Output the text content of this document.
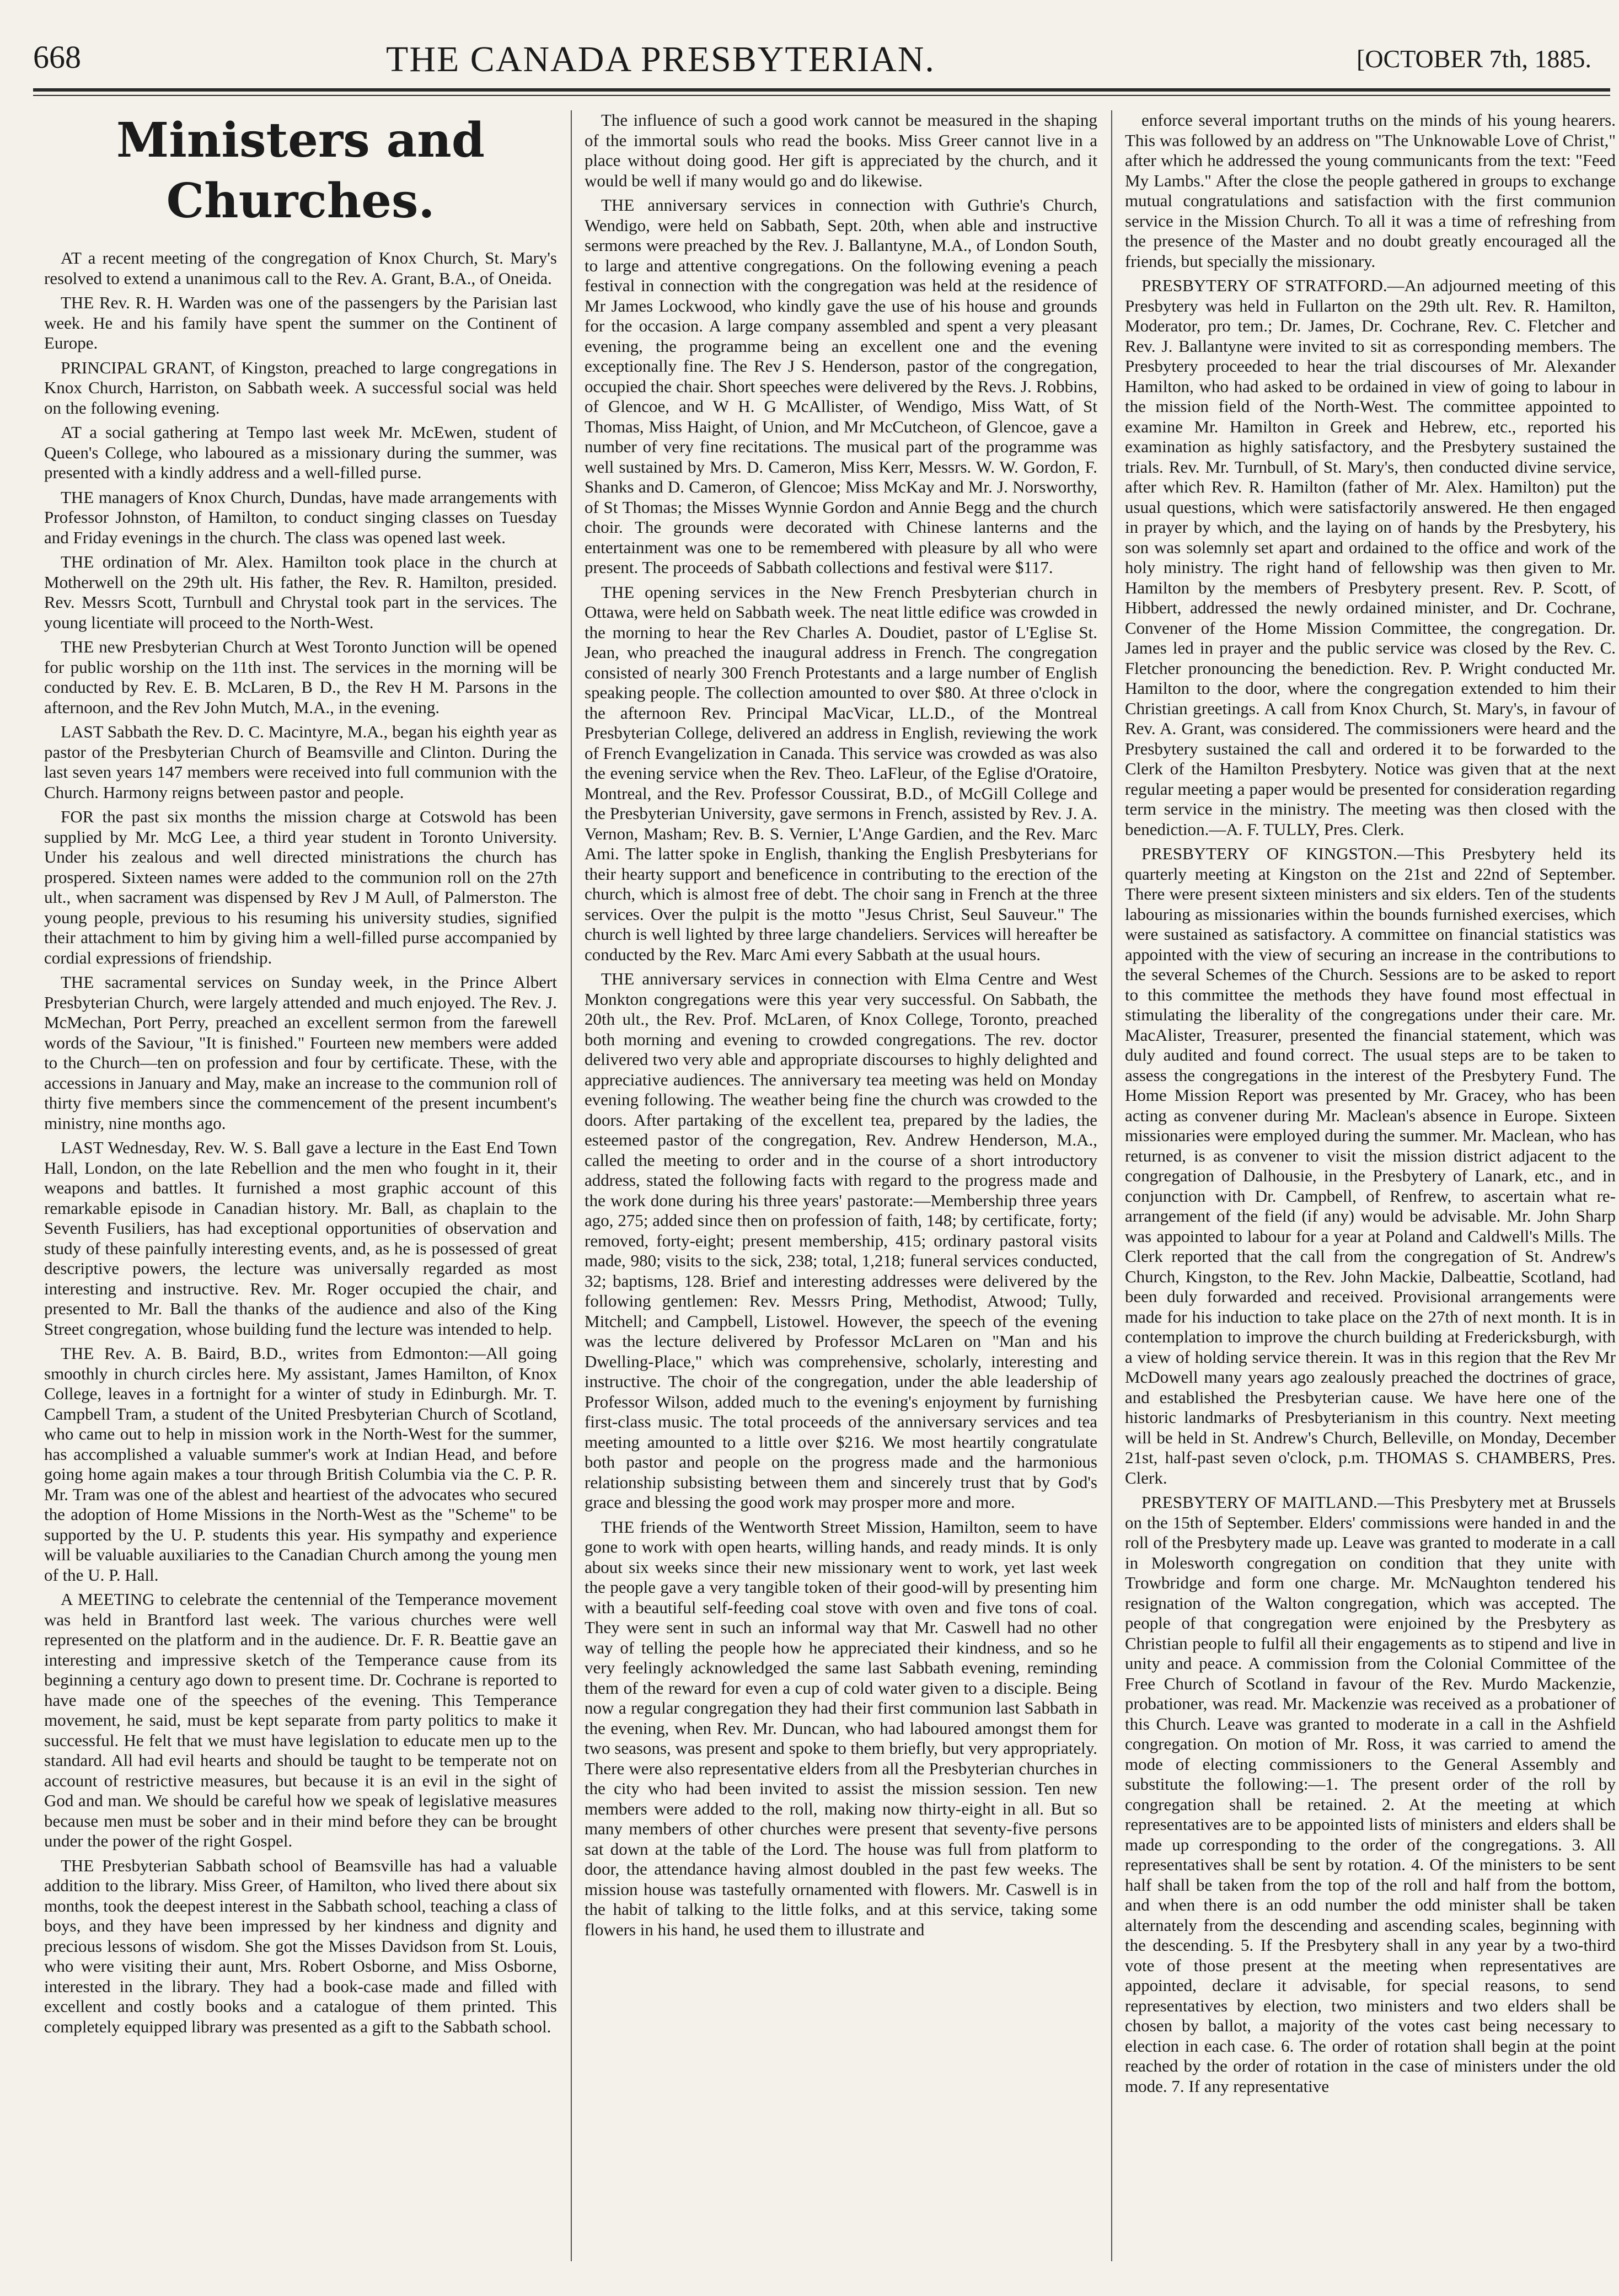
668	THE CANADA PRESBYTERIAN.	[OCTOBER 7th, 1885.
Ministers and Churches.

AT a recent meeting of the congregation of Knox Church, St. Mary's resolved to extend a unanimous call to the Rev. A. Grant, B.A., of Oneida.

THE Rev. R. H. Warden was one of the passengers by the Parisian last week. He and his family have spent the summer on the Continent of Europe.

PRINCIPAL GRANT, of Kingston, preached to large congregations in Knox Church, Harriston, on Sabbath week. A successful social was held on the following evening.

AT a social gathering at Tempo last week Mr. McEwen, student of Queen's College, who laboured as a missionary during the summer, was presented with a kindly address and a well-filled purse.

THE managers of Knox Church, Dundas, have made arrangements with Professor Johnston, of Hamilton, to conduct singing classes on Tuesday and Friday evenings in the church. The class was opened last week.

THE ordination of Mr. Alex. Hamilton took place in the church at Motherwell on the 29th ult. His father, the Rev. R. Hamilton, presided. Rev. Messrs Scott, Turnbull and Chrystal took part in the services. The young licentiate will proceed to the North-West.

THE new Presbyterian Church at West Toronto Junction will be opened for public worship on the 11th inst. The services in the morning will be conducted by Rev. E. B. McLaren, B D., the Rev H M. Parsons in the afternoon, and the Rev John Mutch, M.A., in the evening.

LAST Sabbath the Rev. D. C. Macintyre, M.A., began his eighth year as pastor of the Presbyterian Church of Beamsville and Clinton. During the last seven years 147 members were received into full communion with the Church. Harmony reigns between pastor and people.

FOR the past six months the mission charge at Cotswold has been supplied by Mr. McG Lee, a third year student in Toronto University. Under his zealous and well directed ministrations the church has prospered. Sixteen names were added to the communion roll on the 27th ult., when sacrament was dispensed by Rev J M Aull, of Palmerston. The young people, previous to his resuming his university studies, signified their attachment to him by giving him a well-filled purse accompanied by cordial expressions of friendship.

THE sacramental services on Sunday week, in the Prince Albert Presbyterian Church, were largely attended and much enjoyed. The Rev. J. McMechan, Port Perry, preached an excellent sermon from the farewell words of the Saviour, "It is finished." Fourteen new members were added to the Church—ten on profession and four by certificate. These, with the accessions in January and May, make an increase to the communion roll of thirty five members since the commencement of the present incumbent's ministry, nine months ago.

LAST Wednesday, Rev. W. S. Ball gave a lecture in the East End Town Hall, London, on the late Rebellion and the men who fought in it, their weapons and battles. It furnished a most graphic account of this remarkable episode in Canadian history. Mr. Ball, as chaplain to the Seventh Fusiliers, has had exceptional opportunities of observation and study of these painfully interesting events, and, as he is possessed of great descriptive powers, the lecture was universally regarded as most interesting and instructive. Rev. Mr. Roger occupied the chair, and presented to Mr. Ball the thanks of the audience and also of the King Street congregation, whose building fund the lecture was intended to help.

THE Rev. A. B. Baird, B.D., writes from Edmonton:—All going smoothly in church circles here. My assistant, James Hamilton, of Knox College, leaves in a fortnight for a winter of study in Edinburgh. Mr. T. Campbell Tram, a student of the United Presbyterian Church of Scotland, who came out to help in mission work in the North-West for the summer, has accomplished a valuable summer's work at Indian Head, and before going home again makes a tour through British Columbia via the C. P. R. Mr. Tram was one of the ablest and heartiest of the advocates who secured the adoption of Home Missions in the North-West as the "Scheme" to be supported by the U. P. students this year. His sympathy and experience will be valuable auxiliaries to the Canadian Church among the young men of the U. P. Hall.

A MEETING to celebrate the centennial of the Temperance movement was held in Brantford last week. The various churches were well represented on the platform and in the audience. Dr. F. R. Beattie gave an interesting and impressive sketch of the Temperance cause from its beginning a century ago down to present time. Dr. Cochrane is reported to have made one of the speeches of the evening. This Temperance movement, he said, must be kept separate from party politics to make it successful. He felt that we must have legislation to educate men up to the standard. All had evil hearts and should be taught to be temperate not on account of restrictive measures, but because it is an evil in the sight of God and man. We should be careful how we speak of legislative measures because men must be sober and in their mind before they can be brought under the power of the right Gospel.

THE Presbyterian Sabbath school of Beamsville has had a valuable addition to the library. Miss Greer, of Hamilton, who lived there about six months, took the deepest interest in the Sabbath school, teaching a class of boys, and they have been impressed by her kindness and dignity and precious lessons of wisdom. She got the Misses Davidson from St. Louis, who were visiting their aunt, Mrs. Robert Osborne, and Miss Osborne, interested in the library. They had a book-case made and filled with excellent and costly books and a catalogue of them printed. This completely equipped library was presented as a gift to the Sabbath school.

The influence of such a good work cannot be measured in the shaping of the immortal souls who read the books. Miss Greer cannot live in a place without doing good. Her gift is appreciated by the church, and it would be well if many would go and do likewise.

THE anniversary services in connection with Guthrie's Church, Wendigo, were held on Sabbath, Sept. 20th, when able and instructive sermons were preached by the Rev. J. Ballantyne, M.A., of London South, to large and attentive congregations. On the following evening a peach festival in connection with the congregation was held at the residence of Mr James Lockwood, who kindly gave the use of his house and grounds for the occasion. A large company assembled and spent a very pleasant evening, the programme being an excellent one and the evening exceptionally fine. The Rev J S. Henderson, pastor of the congregation, occupied the chair. Short speeches were delivered by the Revs. J. Robbins, of Glencoe, and W H. G McAllister, of Wendigo, Miss Watt, of St Thomas, Miss Haight, of Union, and Mr McCutcheon, of Glencoe, gave a number of very fine recitations. The musical part of the programme was well sustained by Mrs. D. Cameron, Miss Kerr, Messrs. W. W. Gordon, F. Shanks and D. Cameron, of Glencoe; Miss McKay and Mr. J. Norsworthy, of St Thomas; the Misses Wynnie Gordon and Annie Begg and the church choir. The grounds were decorated with Chinese lanterns and the entertainment was one to be remembered with pleasure by all who were present. The proceeds of Sabbath collections and festival were $117.

THE opening services in the New French Presbyterian church in Ottawa, were held on Sabbath week. The neat little edifice was crowded in the morning to hear the Rev Charles A. Doudiet, pastor of L'Eglise St. Jean, who preached the inaugural address in French. The congregation consisted of nearly 300 French Protestants and a large number of English speaking people. The collection amounted to over $80. At three o'clock in the afternoon Rev. Principal MacVicar, LL.D., of the Montreal Presbyterian College, delivered an address in English, reviewing the work of French Evangelization in Canada. This service was crowded as was also the evening service when the Rev. Theo. LaFleur, of the Eglise d'Oratoire, Montreal, and the Rev. Professor Coussirat, B.D., of McGill College and the Presbyterian University, gave sermons in French, assisted by Rev. J. A. Vernon, Masham; Rev. B. S. Vernier, L'Ange Gardien, and the Rev. Marc Ami. The latter spoke in English, thanking the English Presbyterians for their hearty support and beneficence in contributing to the erection of the church, which is almost free of debt. The choir sang in French at the three services. Over the pulpit is the motto "Jesus Christ, Seul Sauveur." The church is well lighted by three large chandeliers. Services will hereafter be conducted by the Rev. Marc Ami every Sabbath at the usual hours.

THE anniversary services in connection with Elma Centre and West Monkton congregations were this year very successful. On Sabbath, the 20th ult., the Rev. Prof. McLaren, of Knox College, Toronto, preached both morning and evening to crowded congregations. The rev. doctor delivered two very able and appropriate discourses to highly delighted and appreciative audiences. The anniversary tea meeting was held on Monday evening following. The weather being fine the church was crowded to the doors. After partaking of the excellent tea, prepared by the ladies, the esteemed pastor of the congregation, Rev. Andrew Henderson, M.A., called the meeting to order and in the course of a short introductory address, stated the following facts with regard to the progress made and the work done during his three years' pastorate:—Membership three years ago, 275; added since then on profession of faith, 148; by certificate, forty; removed, forty-eight; present membership, 415; ordinary pastoral visits made, 980; visits to the sick, 238; total, 1,218; funeral services conducted, 32; baptisms, 128. Brief and interesting addresses were delivered by the following gentlemen: Rev. Messrs Pring, Methodist, Atwood; Tully, Mitchell; and Campbell, Listowel. However, the speech of the evening was the lecture delivered by Professor McLaren on "Man and his Dwelling-Place," which was comprehensive, scholarly, interesting and instructive. The choir of the congregation, under the able leadership of Professor Wilson, added much to the evening's enjoyment by furnishing first-class music. The total proceeds of the anniversary services and tea meeting amounted to a little over $216. We most heartily congratulate both pastor and people on the progress made and the harmonious relationship subsisting between them and sincerely trust that by God's grace and blessing the good work may prosper more and more.

THE friends of the Wentworth Street Mission, Hamilton, seem to have gone to work with open hearts, willing hands, and ready minds. It is only about six weeks since their new missionary went to work, yet last week the people gave a very tangible token of their good-will by presenting him with a beautiful self-feeding coal stove with oven and five tons of coal. They were sent in such an informal way that Mr. Caswell had no other way of telling the people how he appreciated their kindness, and so he very feelingly acknowledged the same last Sabbath evening, reminding them of the reward for even a cup of cold water given to a disciple. Being now a regular congregation they had their first communion last Sabbath in the evening, when Rev. Mr. Duncan, who had laboured amongst them for two seasons, was present and spoke to them briefly, but very appropriately. There were also representative elders from all the Presbyterian churches in the city who had been invited to assist the mission session. Ten new members were added to the roll, making now thirty-eight in all. But so many members of other churches were present that seventy-five persons sat down at the table of the Lord. The house was full from platform to door, the attendance having almost doubled in the past few weeks. The mission house was tastefully ornamented with flowers. Mr. Caswell is in the habit of talking to the little folks, and at this service, taking some flowers in his hand, he used them to illustrate and

enforce several important truths on the minds of his young hearers. This was followed by an address on "The Unknowable Love of Christ," after which he addressed the young communicants from the text: "Feed My Lambs." After the close the people gathered in groups to exchange mutual congratulations and satisfaction with the first communion service in the Mission Church. To all it was a time of refreshing from the presence of the Master and no doubt greatly encouraged all the friends, but specially the missionary.

PRESBYTERY OF STRATFORD.—An adjourned meeting of this Presbytery was held in Fullarton on the 29th ult. Rev. R. Hamilton, Moderator, pro tem.; Dr. James, Dr. Cochrane, Rev. C. Fletcher and Rev. J. Ballantyne were invited to sit as corresponding members. The Presbytery proceeded to hear the trial discourses of Mr. Alexander Hamilton, who had asked to be ordained in view of going to labour in the mission field of the North-West. The committee appointed to examine Mr. Hamilton in Greek and Hebrew, etc., reported his examination as highly satisfactory, and the Presbytery sustained the trials. Rev. Mr. Turnbull, of St. Mary's, then conducted divine service, after which Rev. R. Hamilton (father of Mr. Alex. Hamilton) put the usual questions, which were satisfactorily answered. He then engaged in prayer by which, and the laying on of hands by the Presbytery, his son was solemnly set apart and ordained to the office and work of the holy ministry. The right hand of fellowship was then given to Mr. Hamilton by the members of Presbytery present. Rev. P. Scott, of Hibbert, addressed the newly ordained minister, and Dr. Cochrane, Convener of the Home Mission Committee, the congregation. Dr. James led in prayer and the public service was closed by the Rev. C. Fletcher pronouncing the benediction. Rev. P. Wright conducted Mr. Hamilton to the door, where the congregation extended to him their Christian greetings. A call from Knox Church, St. Mary's, in favour of Rev. A. Grant, was considered. The commissioners were heard and the Presbytery sustained the call and ordered it to be forwarded to the Clerk of the Hamilton Presbytery. Notice was given that at the next regular meeting a paper would be presented for consideration regarding term service in the ministry. The meeting was then closed with the benediction.—A. F. TULLY, Pres. Clerk.

PRESBYTERY OF KINGSTON.—This Presbytery held its quarterly meeting at Kingston on the 21st and 22nd of September. There were present sixteen ministers and six elders. Ten of the students labouring as missionaries within the bounds furnished exercises, which were sustained as satisfactory. A committee on financial statistics was appointed with the view of securing an increase in the contributions to the several Schemes of the Church. Sessions are to be asked to report to this committee the methods they have found most effectual in stimulating the liberality of the congregations under their care. Mr. MacAlister, Treasurer, presented the financial statement, which was duly audited and found correct. The usual steps are to be taken to assess the congregations in the interest of the Presbytery Fund. The Home Mission Report was presented by Mr. Gracey, who has been acting as convener during Mr. Maclean's absence in Europe. Sixteen missionaries were employed during the summer. Mr. Maclean, who has returned, is as convener to visit the mission district adjacent to the congregation of Dalhousie, in the Presbytery of Lanark, etc., and in conjunction with Dr. Campbell, of Renfrew, to ascertain what re-arrangement of the field (if any) would be advisable. Mr. John Sharp was appointed to labour for a year at Poland and Caldwell's Mills. The Clerk reported that the call from the congregation of St. Andrew's Church, Kingston, to the Rev. John Mackie, Dalbeattie, Scotland, had been duly forwarded and received. Provisional arrangements were made for his induction to take place on the 27th of next month. It is in contemplation to improve the church building at Fredericksburgh, with a view of holding service therein. It was in this region that the Rev Mr McDowell many years ago zealously preached the doctrines of grace, and established the Presbyterian cause. We have here one of the historic landmarks of Presbyterianism in this country. Next meeting will be held in St. Andrew's Church, Belleville, on Monday, December 21st, half-past seven o'clock, p.m. THOMAS S. CHAMBERS, Pres. Clerk.

PRESBYTERY OF MAITLAND.—This Presbytery met at Brussels on the 15th of September. Elders' commissions were handed in and the roll of the Presbytery made up. Leave was granted to moderate in a call in Molesworth congregation on condition that they unite with Trowbridge and form one charge. Mr. McNaughton tendered his resignation of the Walton congregation, which was accepted. The people of that congregation were enjoined by the Presbytery as Christian people to fulfil all their engagements as to stipend and live in unity and peace. A commission from the Colonial Committee of the Free Church of Scotland in favour of the Rev. Murdo Mackenzie, probationer, was read. Mr. Mackenzie was received as a probationer of this Church. Leave was granted to moderate in a call in the Ashfield congregation. On motion of Mr. Ross, it was carried to amend the mode of electing commissioners to the General Assembly and substitute the following:—1. The present order of the roll by congregation shall be retained. 2. At the meeting at which representatives are to be appointed lists of ministers and elders shall be made up corresponding to the order of the congregations. 3. All representatives shall be sent by rotation. 4. Of the ministers to be sent half shall be taken from the top of the roll and half from the bottom, and when there is an odd number the odd minister shall be taken alternately from the descending and ascending scales, beginning with the descending. 5. If the Presbytery shall in any year by a two-third vote of those present at the meeting when representatives are appointed, declare it advisable, for special reasons, to send representatives by election, two ministers and two elders shall be chosen by ballot, a majority of the votes cast being necessary to election in each case. 6. The order of rotation shall begin at the point reached by the order of rotation in the case of ministers under the old mode. 7. If any representative
